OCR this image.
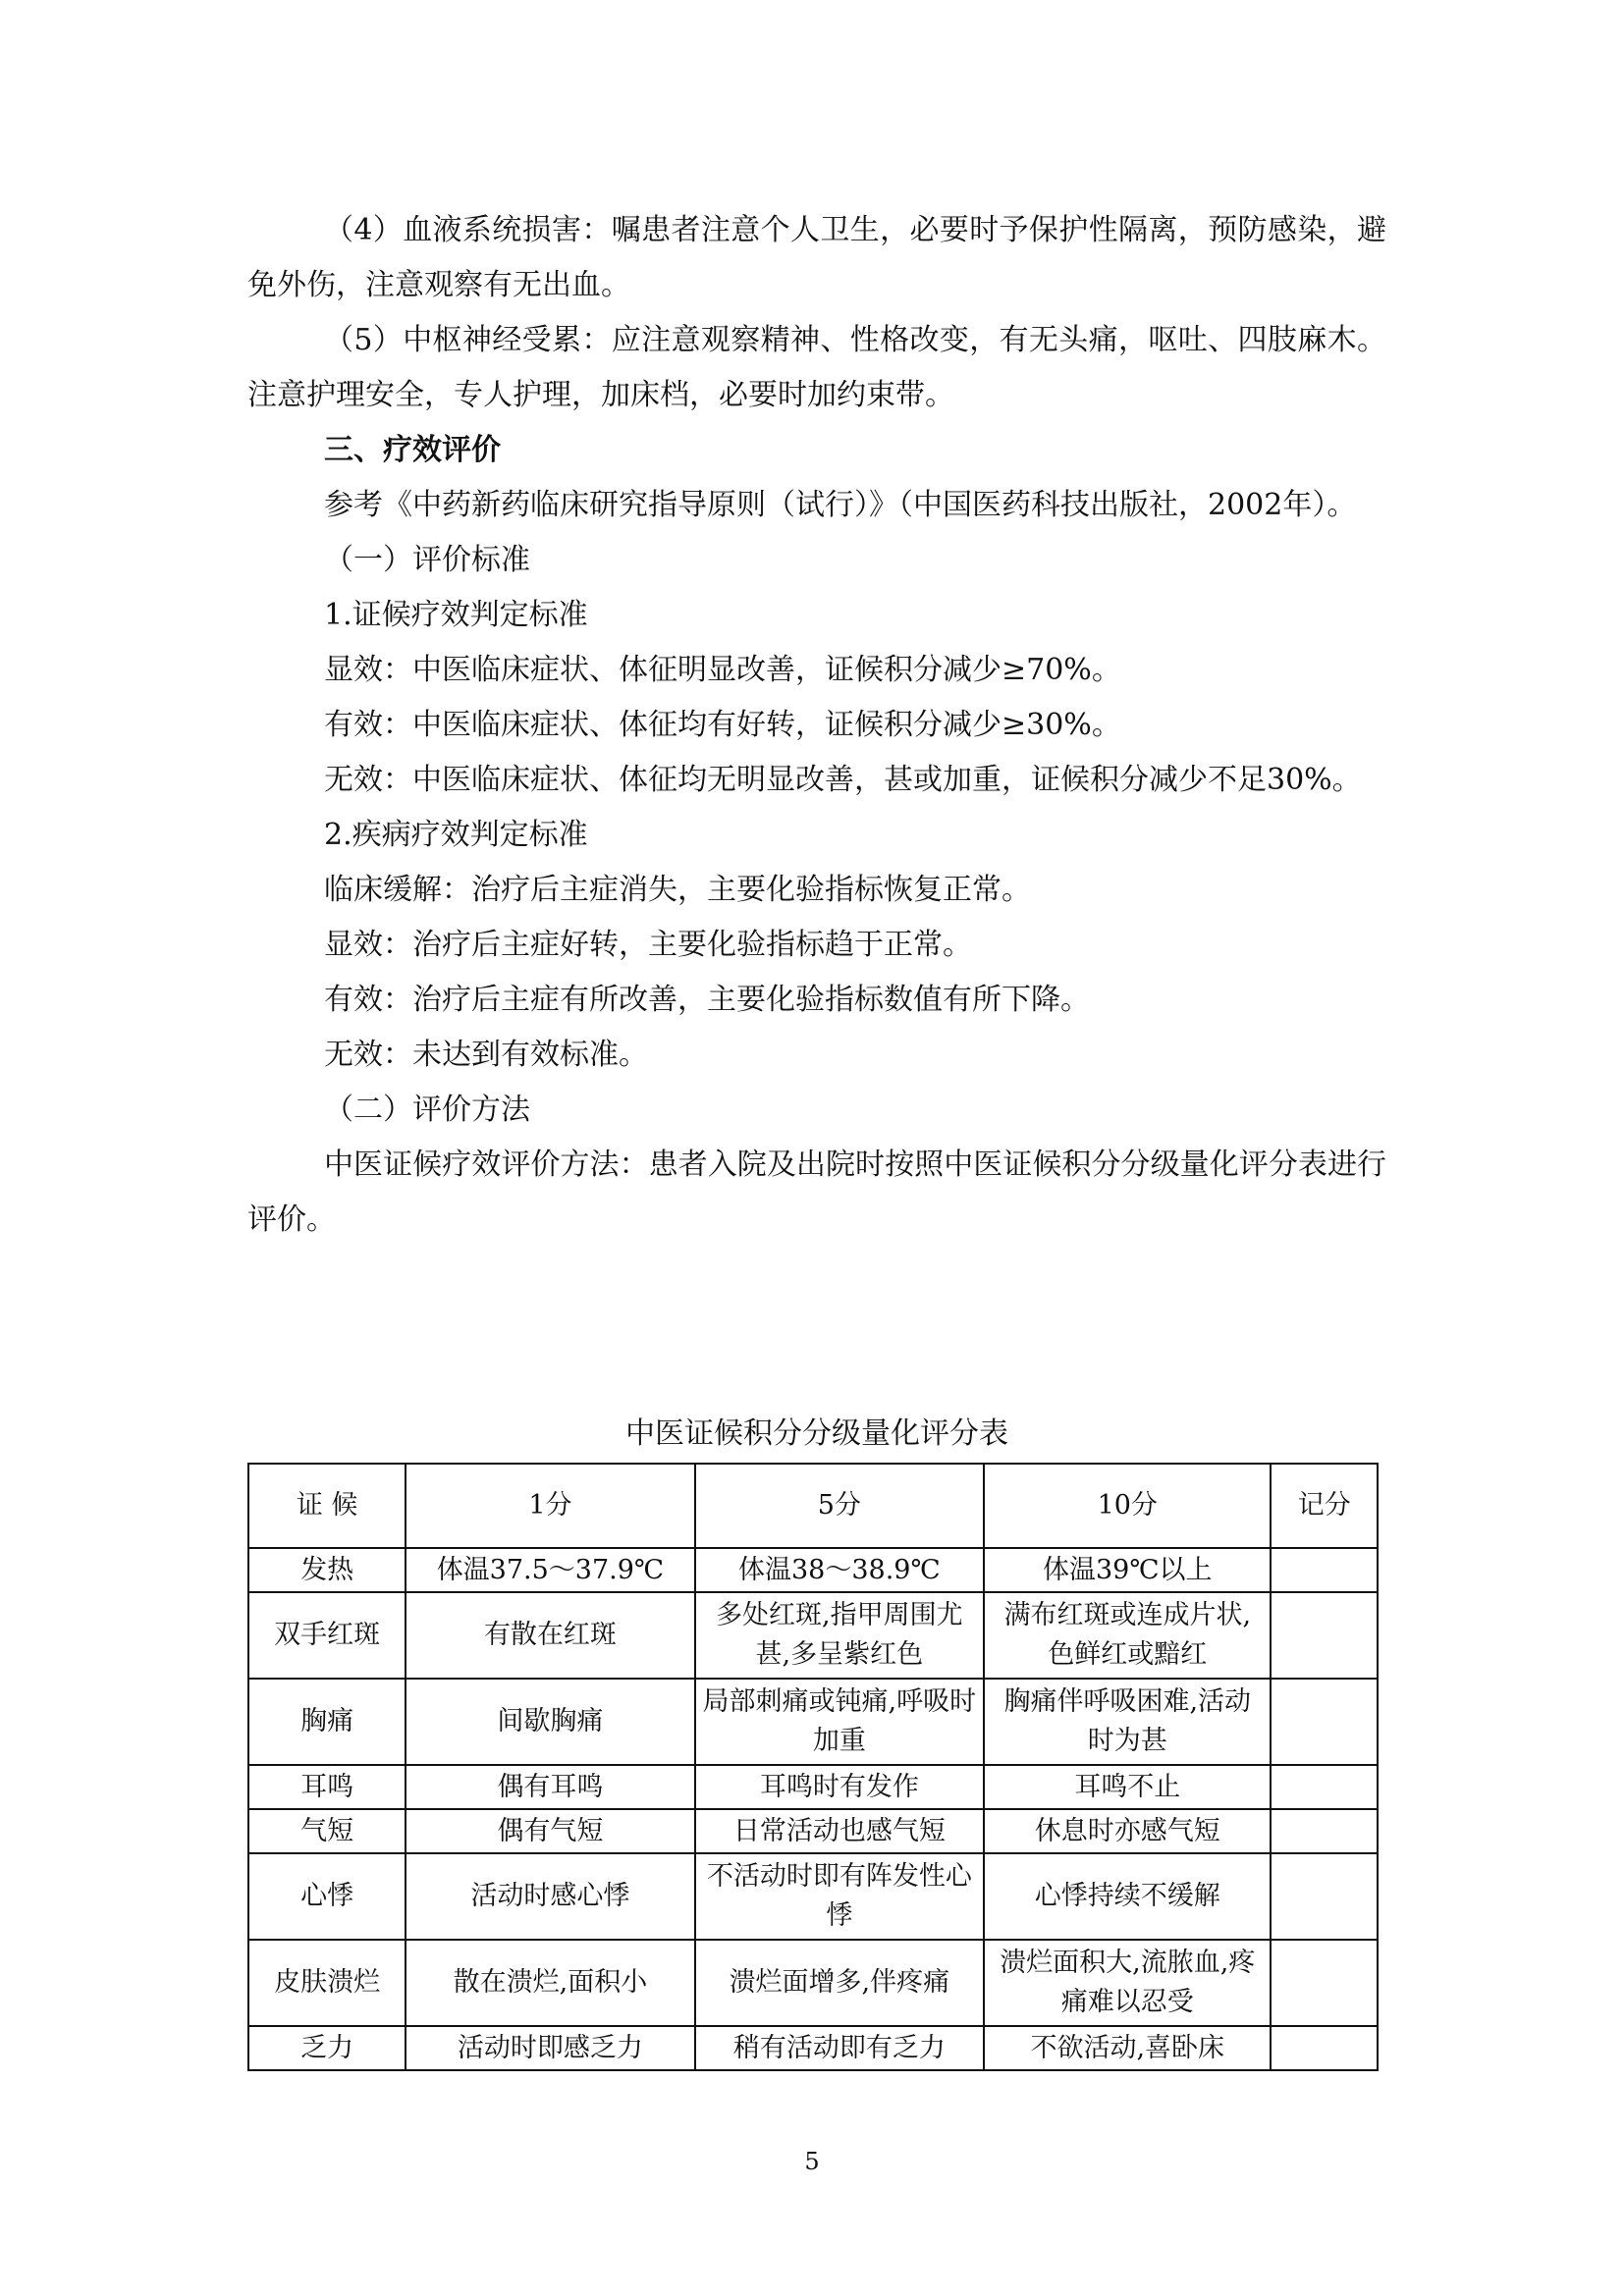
（4）血液系统损害：嘱患者注意个人卫生，必要时予保护性隔离，预防感染，避免外伤，注意观察有无出血。

（5）中枢神经受累：应注意观察精神、性格改变，有无头痛，呕吐、四肢麻木。注意护理安全，专人护理，加床档，必要时加约束带。

三、疗效评价

参考《中药新药临床研究指导原则（试行）》（中国医药科技出版社，2002年）。

（一）评价标准

1.证候疗效判定标准

显效：中医临床症状、体征明显改善，证候积分减少≥70%。

有效：中医临床症状、体征均有好转，证候积分减少≥30%。

无效：中医临床症状、体征均无明显改善，甚或加重，证候积分减少不足30%。

2.疾病疗效判定标准

临床缓解：治疗后主症消失，主要化验指标恢复正常。

显效：治疗后主症好转，主要化验指标趋于正常。

有效：治疗后主症有所改善，主要化验指标数值有所下降。

无效：未达到有效标准。

（二）评价方法

中医证候疗效评价方法：患者入院及出院时按照中医证候积分分级量化评分表进行评价。

中医证候积分分级量化评分表
证 候	1分	5分	10分	记分
发热	体温37.5～37.9℃	体温38～38.9℃	体温39℃以上	
双手红斑	有散在红斑	多处红斑,指甲周围尤甚,多呈紫红色	满布红斑或连成片状,色鲜红或黯红	
胸痛	间歇胸痛	局部刺痛或钝痛,呼吸时加重	胸痛伴呼吸困难,活动时为甚	
耳鸣	偶有耳鸣	耳鸣时有发作	耳鸣不止	
气短	偶有气短	日常活动也感气短	休息时亦感气短	
心悸	活动时感心悸	不活动时即有阵发性心悸	心悸持续不缓解	
皮肤溃烂	散在溃烂,面积小	溃烂面增多,伴疼痛	溃烂面积大,流脓血,疼痛难以忍受	
乏力	活动时即感乏力	稍有活动即有乏力	不欲活动,喜卧床	
5
